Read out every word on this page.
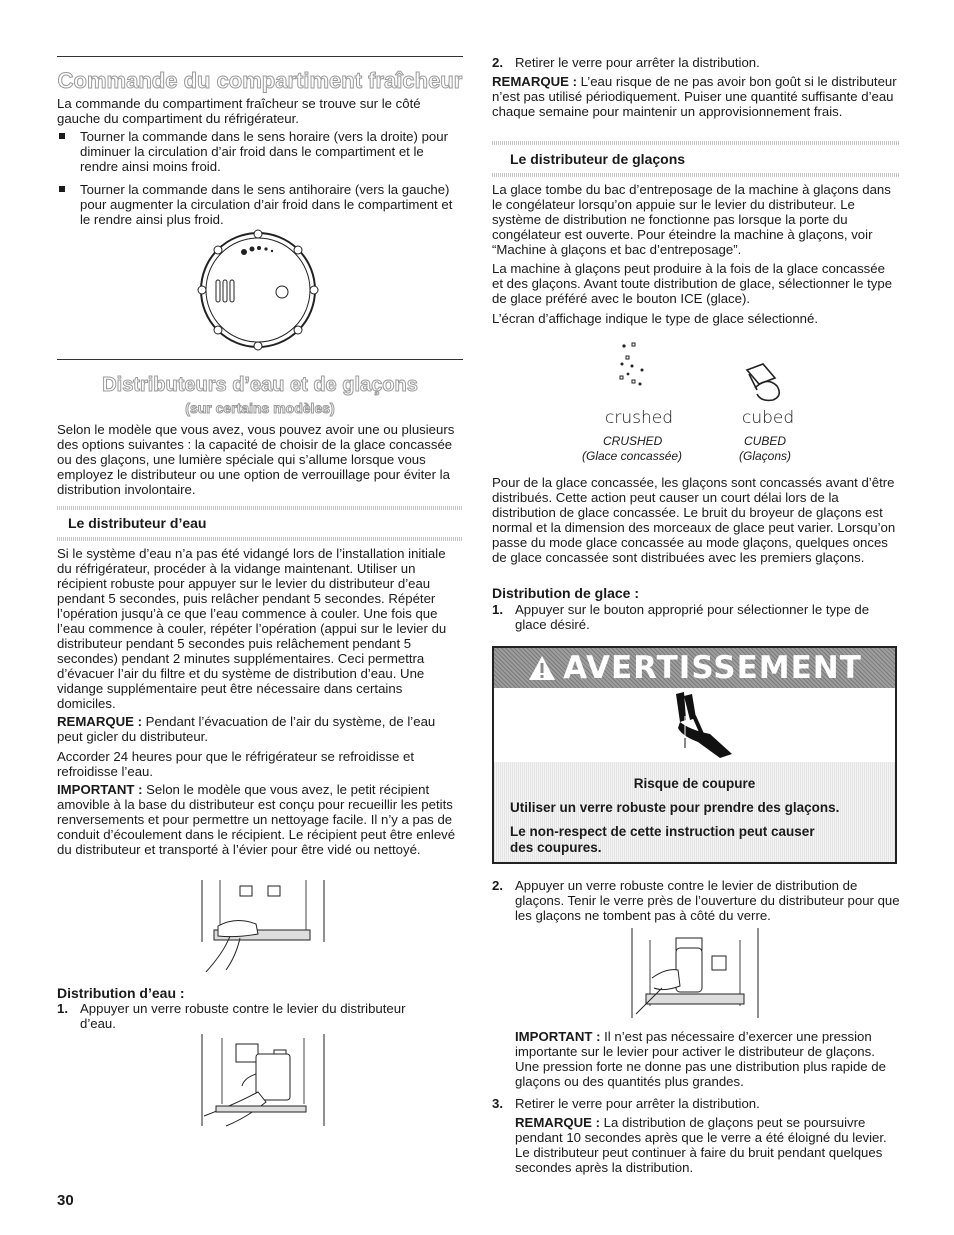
Commande du compartiment fraîcheur
La commande du compartiment fraîcheur se trouve sur le côté gauche du compartiment du réfrigérateur.
Tourner la commande dans le sens horaire (vers la droite) pour diminuer la circulation d’air froid dans le compartiment et le rendre ainsi moins froid.
Tourner la commande dans le sens antihoraire (vers la gauche) pour augmenter la circulation d’air froid dans le compartiment et le rendre ainsi plus froid.
Distributeurs d’eau et de glaçons
(sur certains modèles)
Selon le modèle que vous avez, vous pouvez avoir une ou plusieurs des options suivantes : la capacité de choisir de la glace concassée ou des glaçons, une lumière spéciale qui s’allume lorsque vous employez le distributeur ou une option de verrouillage pour éviter la distribution involontaire.
Le distributeur d’eau
Si le système d’eau n’a pas été vidangé lors de l’installation initiale du réfrigérateur, procéder à la vidange maintenant. Utiliser un récipient robuste pour appuyer sur le levier du distributeur d’eau pendant 5 secondes, puis relâcher pendant 5 secondes. Répéter l’opération jusqu’à ce que l’eau commence à couler. Une fois que l’eau commence à couler, répéter l’opération (appui sur le levier du distributeur pendant 5 secondes puis relâchement pendant 5 secondes) pendant 2 minutes supplémentaires. Ceci permettra d’évacuer l’air du filtre et du système de distribution d’eau. Une vidange supplémentaire peut être nécessaire dans certains domiciles.
REMARQUE : Pendant l’évacuation de l’air du système, de l’eau peut gicler du distributeur.
Accorder 24 heures pour que le réfrigérateur se refroidisse et refroidisse l’eau.
IMPORTANT : Selon le modèle que vous avez, le petit récipient amovible à la base du distributeur est conçu pour recueillir les petits renversements et pour permettre un nettoyage facile. Il n’y a pas de conduit d’écoulement dans le récipient. Le récipient peut être enlevé du distributeur et transporté à l’évier pour être vidé ou nettoyé.
Distribution d’eau :
1. Appuyer un verre robuste contre le levier du distributeur d’eau.
30
2. Retirer le verre pour arrêter la distribution.
REMARQUE : L’eau risque de ne pas avoir bon goût si le distributeur n’est pas utilisé périodiquement. Puiser une quantité suffisante d’eau chaque semaine pour maintenir un approvisionnement frais.
Le distributeur de glaçons
La glace tombe du bac d’entreposage de la machine à glaçons dans le congélateur lorsqu’on appuie sur le levier du distributeur. Le système de distribution ne fonctionne pas lorsque la porte du congélateur est ouverte. Pour éteindre la machine à glaçons, voir “Machine à glaçons et bac d’entreposage”.
La machine à glaçons peut produire à la fois de la glace concassée et des glaçons. Avant toute distribution de glace, sélectionner le type de glace préféré avec le bouton ICE (glace).
L’écran d’affichage indique le type de glace sélectionné.
crushed	cubed
CRUSHED
(Glace concassée)
CUBED
(Glaçons)
Pour de la glace concassée, les glaçons sont concassés avant d’être distribués. Cette action peut causer un court délai lors de la distribution de glace concassée. Le bruit du broyeur de glaçons est normal et la dimension des morceaux de glace peut varier. Lorsqu’on passe du mode glace concassée au mode glaçons, quelques onces de glace concassée sont distribuées avec les premiers glaçons.
Distribution de glace :
1. Appuyer sur le bouton approprié pour sélectionner le type de glace désiré.
AVERTISSEMENT
Risque de coupure
Utiliser un verre robuste pour prendre des glaçons.
Le non-respect de cette instruction peut causer des coupures.
2. Appuyer un verre robuste contre le levier de distribution de glaçons. Tenir le verre près de l’ouverture du distributeur pour que les glaçons ne tombent pas à côté du verre.
IMPORTANT : Il n’est pas nécessaire d’exercer une pression importante sur le levier pour activer le distributeur de glaçons. Une pression forte ne donne pas une distribution plus rapide de glaçons ou des quantités plus grandes.
3. Retirer le verre pour arrêter la distribution.
REMARQUE : La distribution de glaçons peut se poursuivre pendant 10 secondes après que le verre a été éloigné du levier. Le distributeur peut continuer à faire du bruit pendant quelques secondes après la distribution.
